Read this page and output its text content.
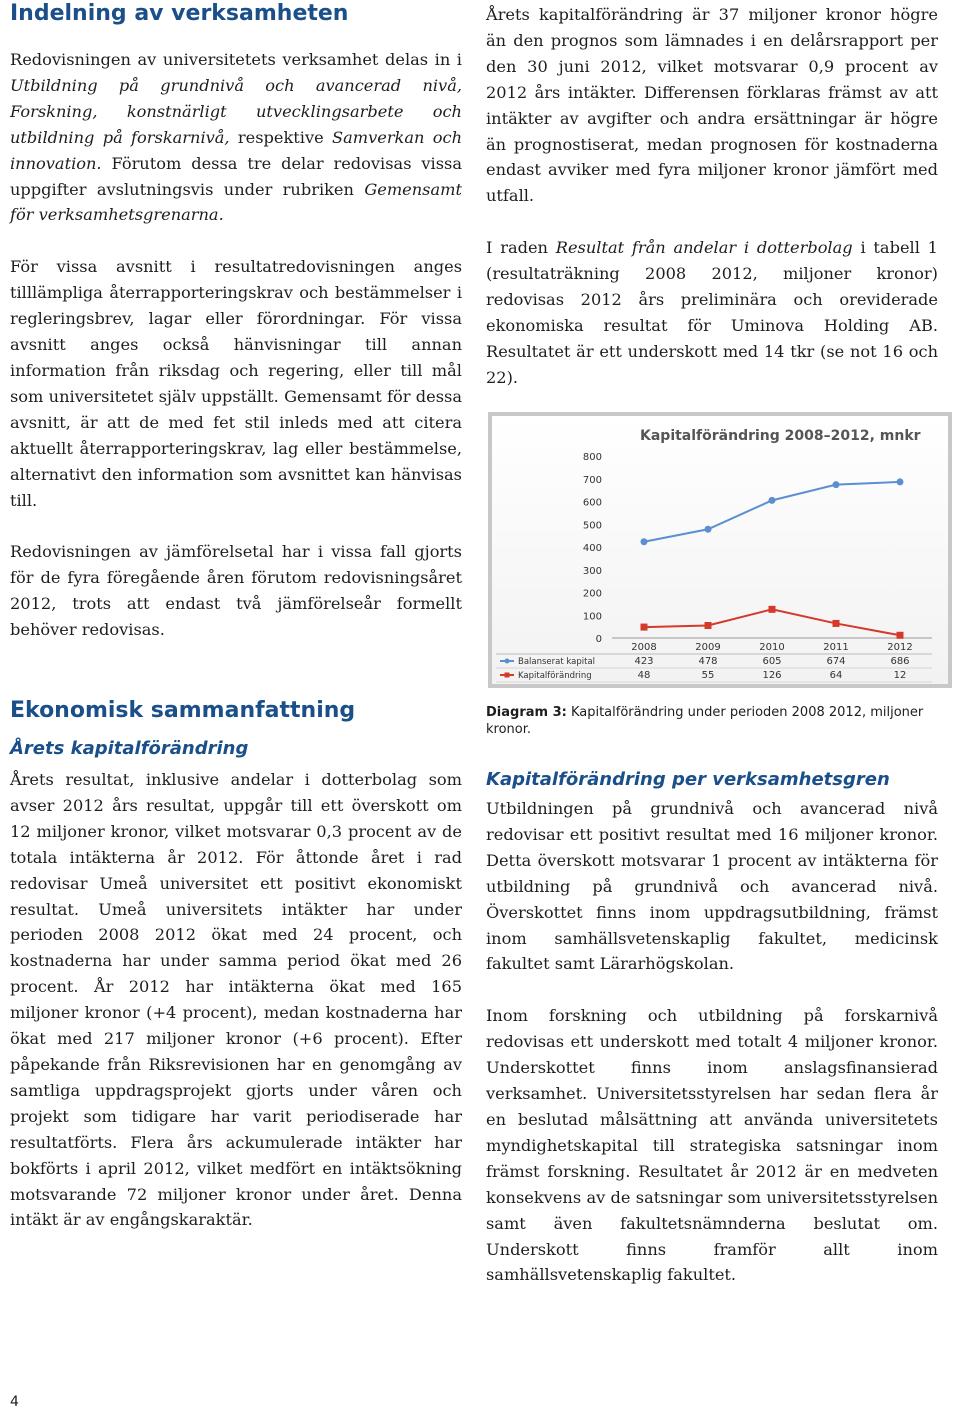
Indelning av verksamheten

Redovisningen av universitetets verksamhet delas in i Utbildning på grundnivå och avancerad nivå, Forskning, konstnärligt utvecklingsarbete och utbildning på forskarnivå, respektive Samverkan och innovation. Förutom dessa tre delar redovisas vissa uppgifter avslutningsvis under rubriken Gemensamt för verksamhetsgrenarna.

För vissa avsnitt i resultatredovisningen anges tilllämpliga återrapporteringskrav och bestämmelser i regleringsbrev, lagar eller förordningar. För vissa avsnitt anges också hänvisningar till annan information från riksdag och regering, eller till mål som universitetet själv uppställt. Gemensamt för dessa avsnitt, är att de med fet stil inleds med att citera aktuellt återrapporteringskrav, lag eller bestämmelse, alternativt den information som avsnittet kan hänvisas till.

Redovisningen av jämförelsetal har i vissa fall gjorts för de fyra föregående åren förutom redovisningsåret 2012, trots att endast två jämförelseår formellt behöver redovisas.

Ekonomisk sammanfattning
Årets kapitalförändring

Årets resultat, inklusive andelar i dotterbolag som avser 2012 års resultat, uppgår till ett överskott om 12 miljoner kronor, vilket motsvarar 0,3 procent av de totala intäkterna år 2012. För åttonde året i rad redovisar Umeå universitet ett positivt ekonomiskt resultat. Umeå universitets intäkter har under perioden 2008 2012 ökat med 24 procent, och kostnaderna har under samma period ökat med 26 procent. År 2012 har intäkterna ökat med 165 miljoner kronor (+4 procent), medan kostnaderna har ökat med 217 miljoner kronor (+6 procent). Efter påpekande från Riksrevisionen har en genomgång av samtliga uppdragsprojekt gjorts under våren och projekt som tidigare har varit periodiserade har resultatförts. Flera års ackumulerade intäkter har bokförts i april 2012, vilket medfört en intäktsökning motsvarande 72 miljoner kronor under året. Denna intäkt är av engångskaraktär.

Årets kapitalförändring är 37 miljoner kronor högre än den prognos som lämnades i en delårsrapport per den 30 juni 2012, vilket motsvarar 0,9 procent av 2012 års intäkter. Differensen förklaras främst av att intäkter av avgifter och andra ersättningar är högre än prognostiserat, medan prognosen för kostnaderna endast avviker med fyra miljoner kronor jämfört med utfall.

I raden Resultat från andelar i dotterbolag i tabell 1 (resultaträkning 2008 2012, miljoner kronor) redovisas 2012 års preliminära och oreviderade ekonomiska resultat för Uminova Holding AB. Resultatet är ett underskott med 14 tkr (se not 16 och 22).

Kapitalförändring 2008–2012, mnkr
0
100
200
300
400
500
600
700
800
2008	2009	2010	2011	2012
Balanserat kapital	423	478	605	674	686
Kapitalförändring	48	55	126	64	12
Diagram 3: Kapitalförändring under perioden 2008 2012, miljoner kronor.
Kapitalförändring per verksamhetsgren

Utbildningen på grundnivå och avancerad nivå redovisar ett positivt resultat med 16 miljoner kronor. Detta överskott motsvarar 1 procent av intäkterna för utbildning på grundnivå och avancerad nivå. Överskottet finns inom uppdragsutbildning, främst inom samhällsvetenskaplig fakultet, medicinsk fakultet samt Lärarhögskolan.

Inom forskning och utbildning på forskarnivå redovisas ett underskott med totalt 4 miljoner kronor. Underskottet finns inom anslagsfinansierad verksamhet. Universitetsstyrelsen har sedan flera år en beslutad målsättning att använda universitetets myndighetskapital till strategiska satsningar inom främst forskning. Resultatet år 2012 är en medveten konsekvens av de satsningar som universitetsstyrelsen samt även fakultetsnämnderna beslutat om. Underskott finns framför allt inom samhällsvetenskaplig fakultet.

4
